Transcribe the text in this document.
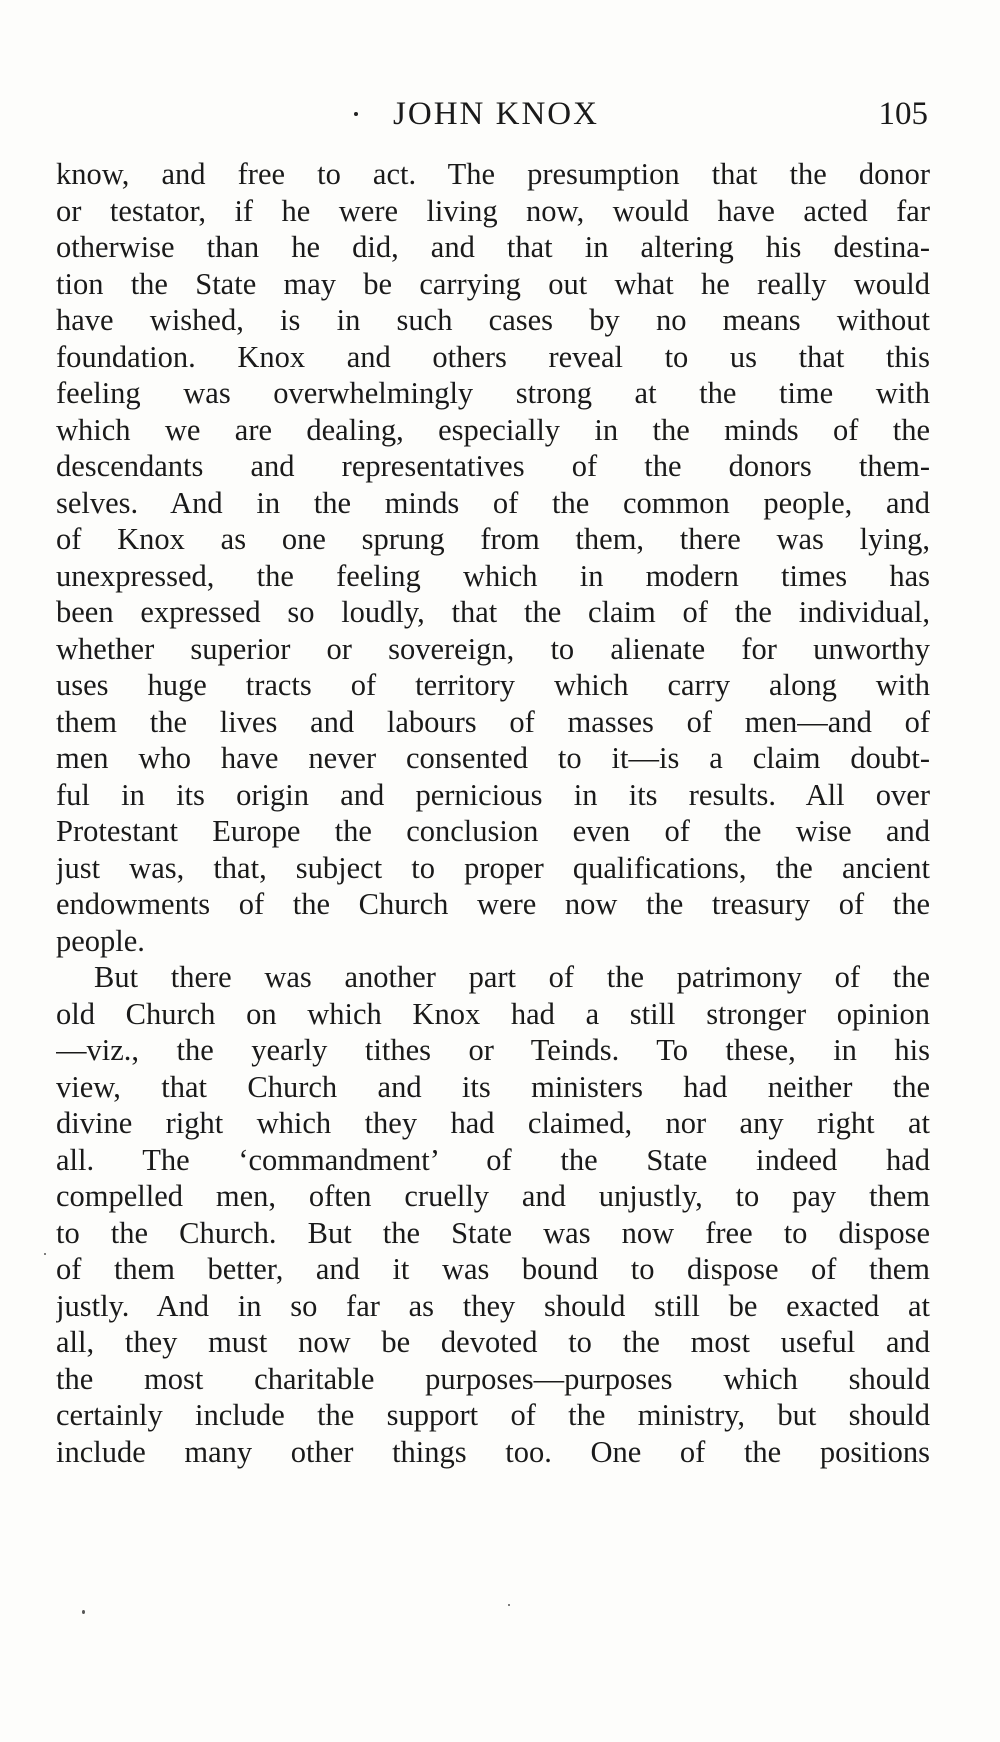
JOHN KNOX	105
know, and free to act. The presumption that the donor
or testator, if he were living now, would have acted far
otherwise than he did, and that in altering his destina-
tion the State may be carrying out what he really would
have wished, is in such cases by no means without
foundation. Knox and others reveal to us that this
feeling was overwhelmingly strong at the time with
which we are dealing, especially in the minds of the
descendants and representatives of the donors them-
selves. And in the minds of the common people, and
of Knox as one sprung from them, there was lying,
unexpressed, the feeling which in modern times has
been expressed so loudly, that the claim of the individual,
whether superior or sovereign, to alienate for unworthy
uses huge tracts of territory which carry along with
them the lives and labours of masses of men—and of
men who have never consented to it—is a claim doubt-
ful in its origin and pernicious in its results. All over
Protestant Europe the conclusion even of the wise and
just was, that, subject to proper qualifications, the ancient
endowments of the Church were now the treasury of the
people.
But there was another part of the patrimony of the
old Church on which Knox had a still stronger opinion
—viz., the yearly tithes or Teinds. To these, in his
view, that Church and its ministers had neither the
divine right which they had claimed, nor any right at
all. The ‘commandment’ of the State indeed had
compelled men, often cruelly and unjustly, to pay them
to the Church. But the State was now free to dispose
of them better, and it was bound to dispose of them
justly. And in so far as they should still be exacted at
all, they must now be devoted to the most useful and
the most charitable purposes—purposes which should
certainly include the support of the ministry, but should
include many other things too. One of the positions
